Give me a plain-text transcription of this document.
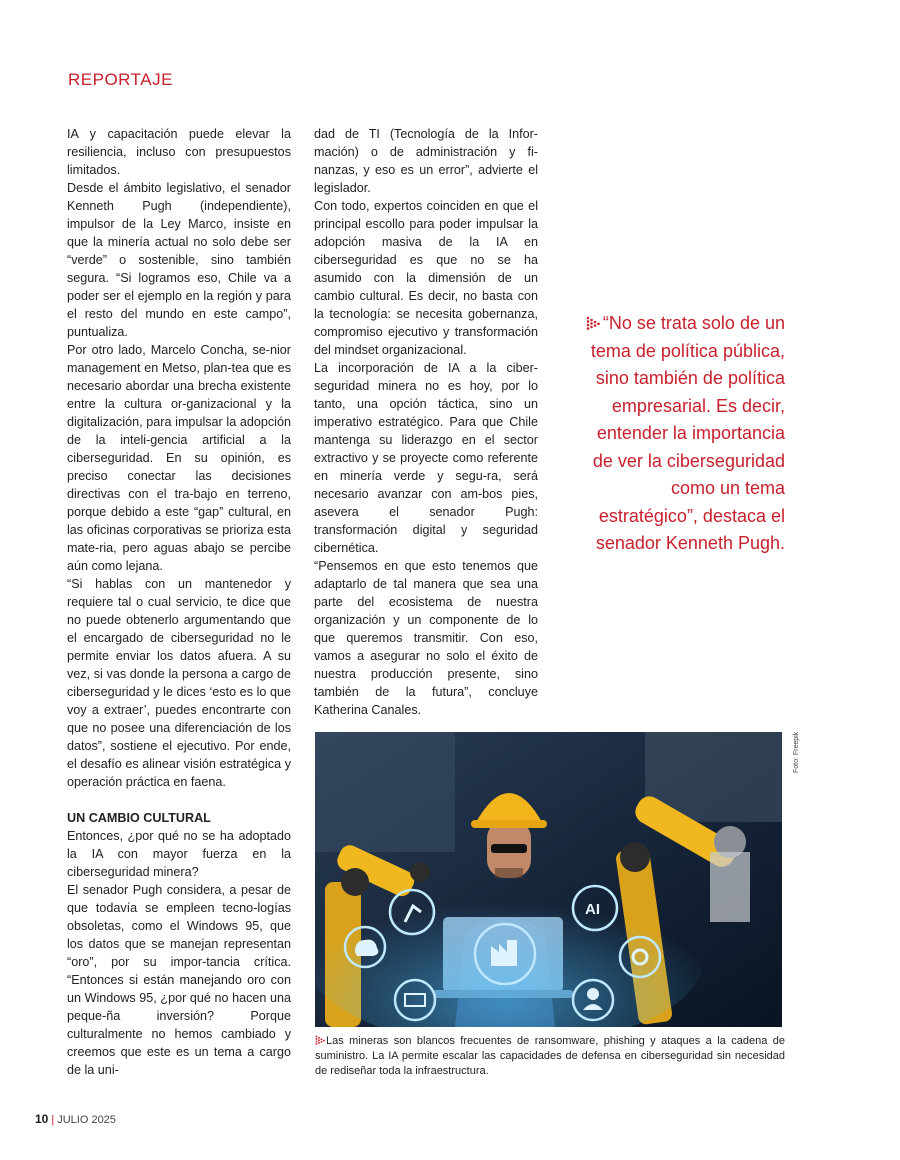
REPORTAJE

IA y capacitación puede elevar la resiliencia, incluso con presupuestos limitados.

Desde el ámbito legislativo, el senador Kenneth Pugh (independiente), impulsor de la Ley Marco, insiste en que la minería actual no solo debe ser “verde” o sostenible, sino también segura. “Si logramos eso, Chile va a poder ser el ejemplo en la región y para el resto del mundo en este campo”, puntualiza.

Por otro lado, Marcelo Concha, se-nior management en Metso, plan-tea que es necesario abordar una brecha existente entre la cultura or-ganizacional y la digitalización, para impulsar la adopción de la inteli-gencia artificial a la ciberseguridad. En su opinión, es preciso conectar las decisiones directivas con el tra-bajo en terreno, porque debido a este “gap” cultural, en las oficinas corporativas se prioriza esta mate-ria, pero aguas abajo se percibe aún como lejana.

“Si hablas con un mantenedor y requiere tal o cual servicio, te dice que no puede obtenerlo argumentando que el encargado de ciberseguridad no le permite enviar los datos afuera. A su vez, si vas donde la persona a cargo de ciberseguridad y le dices ‘esto es lo que voy a extraer’, puedes encontrarte con que no posee una diferenciación de los datos”, sostiene el ejecutivo. Por ende, el desafío es alinear visión estratégica y operación práctica en faena.

UN CAMBIO CULTURAL

Entonces, ¿por qué no se ha adoptado la IA con mayor fuerza en la ciberseguridad minera?

El senador Pugh considera, a pesar de que todavía se empleen tecno-logías obsoletas, como el Windows 95, que los datos que se manejan representan “oro”, por su impor-tancia crítica. “Entonces si están manejando oro con un Windows 95, ¿por qué no hacen una peque-ña inversión? Porque culturalmente no hemos cambiado y creemos que este es un tema a cargo de la uni-

dad de TI (Tecnología de la Infor-mación) o de administración y fi-nanzas, y eso es un error”, advierte el legislador.

Con todo, expertos coinciden en que el principal escollo para poder impulsar la adopción masiva de la IA en ciberseguridad es que no se ha asumido con la dimensión de un cambio cultural. Es decir, no basta con la tecnología: se necesita gobernanza, compromiso ejecutivo y transformación del mindset organizacional.

La incorporación de IA a la ciber-seguridad minera no es hoy, por lo tanto, una opción táctica, sino un imperativo estratégico. Para que Chile mantenga su liderazgo en el sector extractivo y se proyecte como referente en minería verde y segu-ra, será necesario avanzar con am-bos pies, asevera el senador Pugh: transformación digital y seguridad cibernética.

“Pensemos en que esto tenemos que adaptarlo de tal manera que sea una parte del ecosistema de nuestra organización y un componente de lo que queremos transmitir. Con eso, vamos a asegurar no solo el éxito de nuestra producción presente, sino también de la futura”, concluye Katherina Canales.

“No se trata solo de un tema de política pública, sino también de política empresarial. Es decir, entender la importancia de ver la ciberseguridad como un tema estratégico”, destaca el senador Kenneth Pugh.
AI
Foto: Freepik
Las mineras son blancos frecuentes de ransomware, phishing y ataques a la cadena de suministro. La IA permite escalar las capacidades de defensa en ciberseguridad sin necesidad de rediseñar toda la infraestructura.
10 | JULIO 2025
